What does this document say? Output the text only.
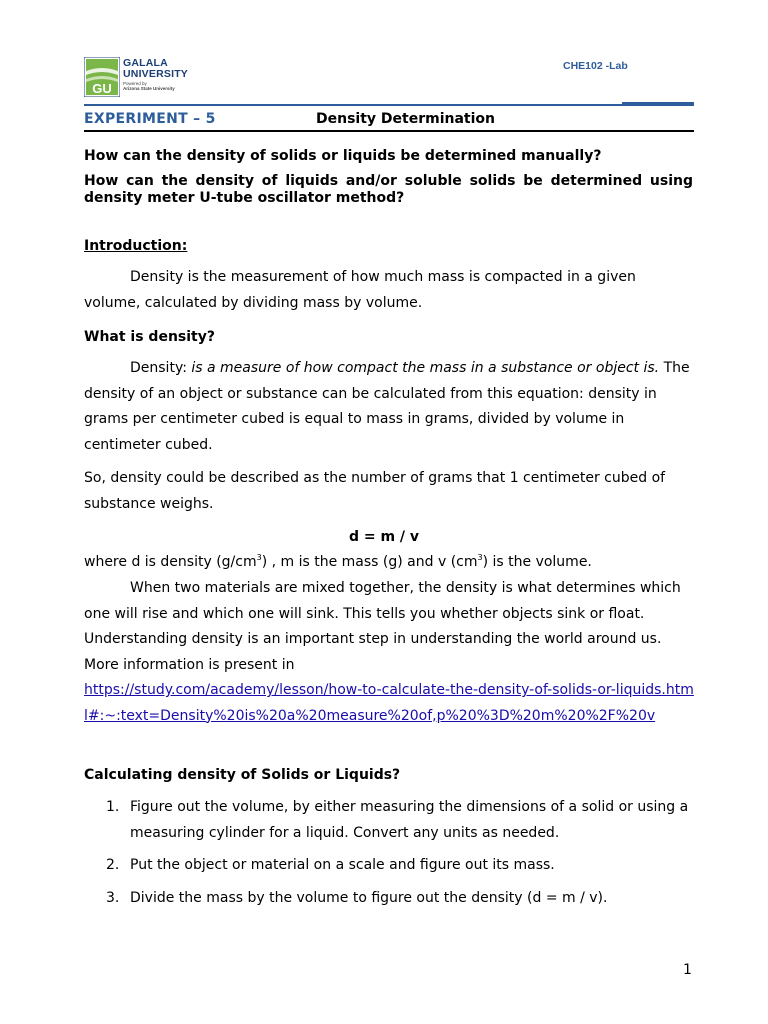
GU
GALALA
UNIVERSITY
Powered by
Arizona State University
CHE102 -Lab
EXPERIMENT – 5	Density Determination
How can the density of solids or liquids be determined manually?
How can the density of liquids and/or soluble solids be determined using density meter U-tube oscillator method?
Introduction:
Density is the measurement of how much mass is compacted in a given volume, calculated by dividing mass by volume.
What is density?
Density: is a measure of how compact the mass in a substance or object is. The density of an object or substance can be calculated from this equation: density in grams per centimeter cubed is equal to mass in grams, divided by volume in centimeter cubed.
So, density could be described as the number of grams that 1 centimeter cubed of substance weighs.
d = m / v
where d is density $(g/cm^3)$ , m is the mass (g) and v $(cm^3)$ is the volume.
When two materials are mixed together, the density is what determines which one will rise and which one will sink. This tells you whether objects sink or float. Understanding density is an important step in understanding the world around us. More information is present in
https://study.com/academy/lesson/how-to-calculate-the-density-of-solids-or-liquids.html#:~:text=Density%20is%20a%20measure%20of,p%20%3D%20m%20%2F%20v
Calculating density of Solids or Liquids?
1. Figure out the volume, by either measuring the dimensions of a solid or using a measuring cylinder for a liquid. Convert any units as needed.
2. Put the object or material on a scale and figure out its mass.
3. Divide the mass by the volume to figure out the density (d = m / v).
1
